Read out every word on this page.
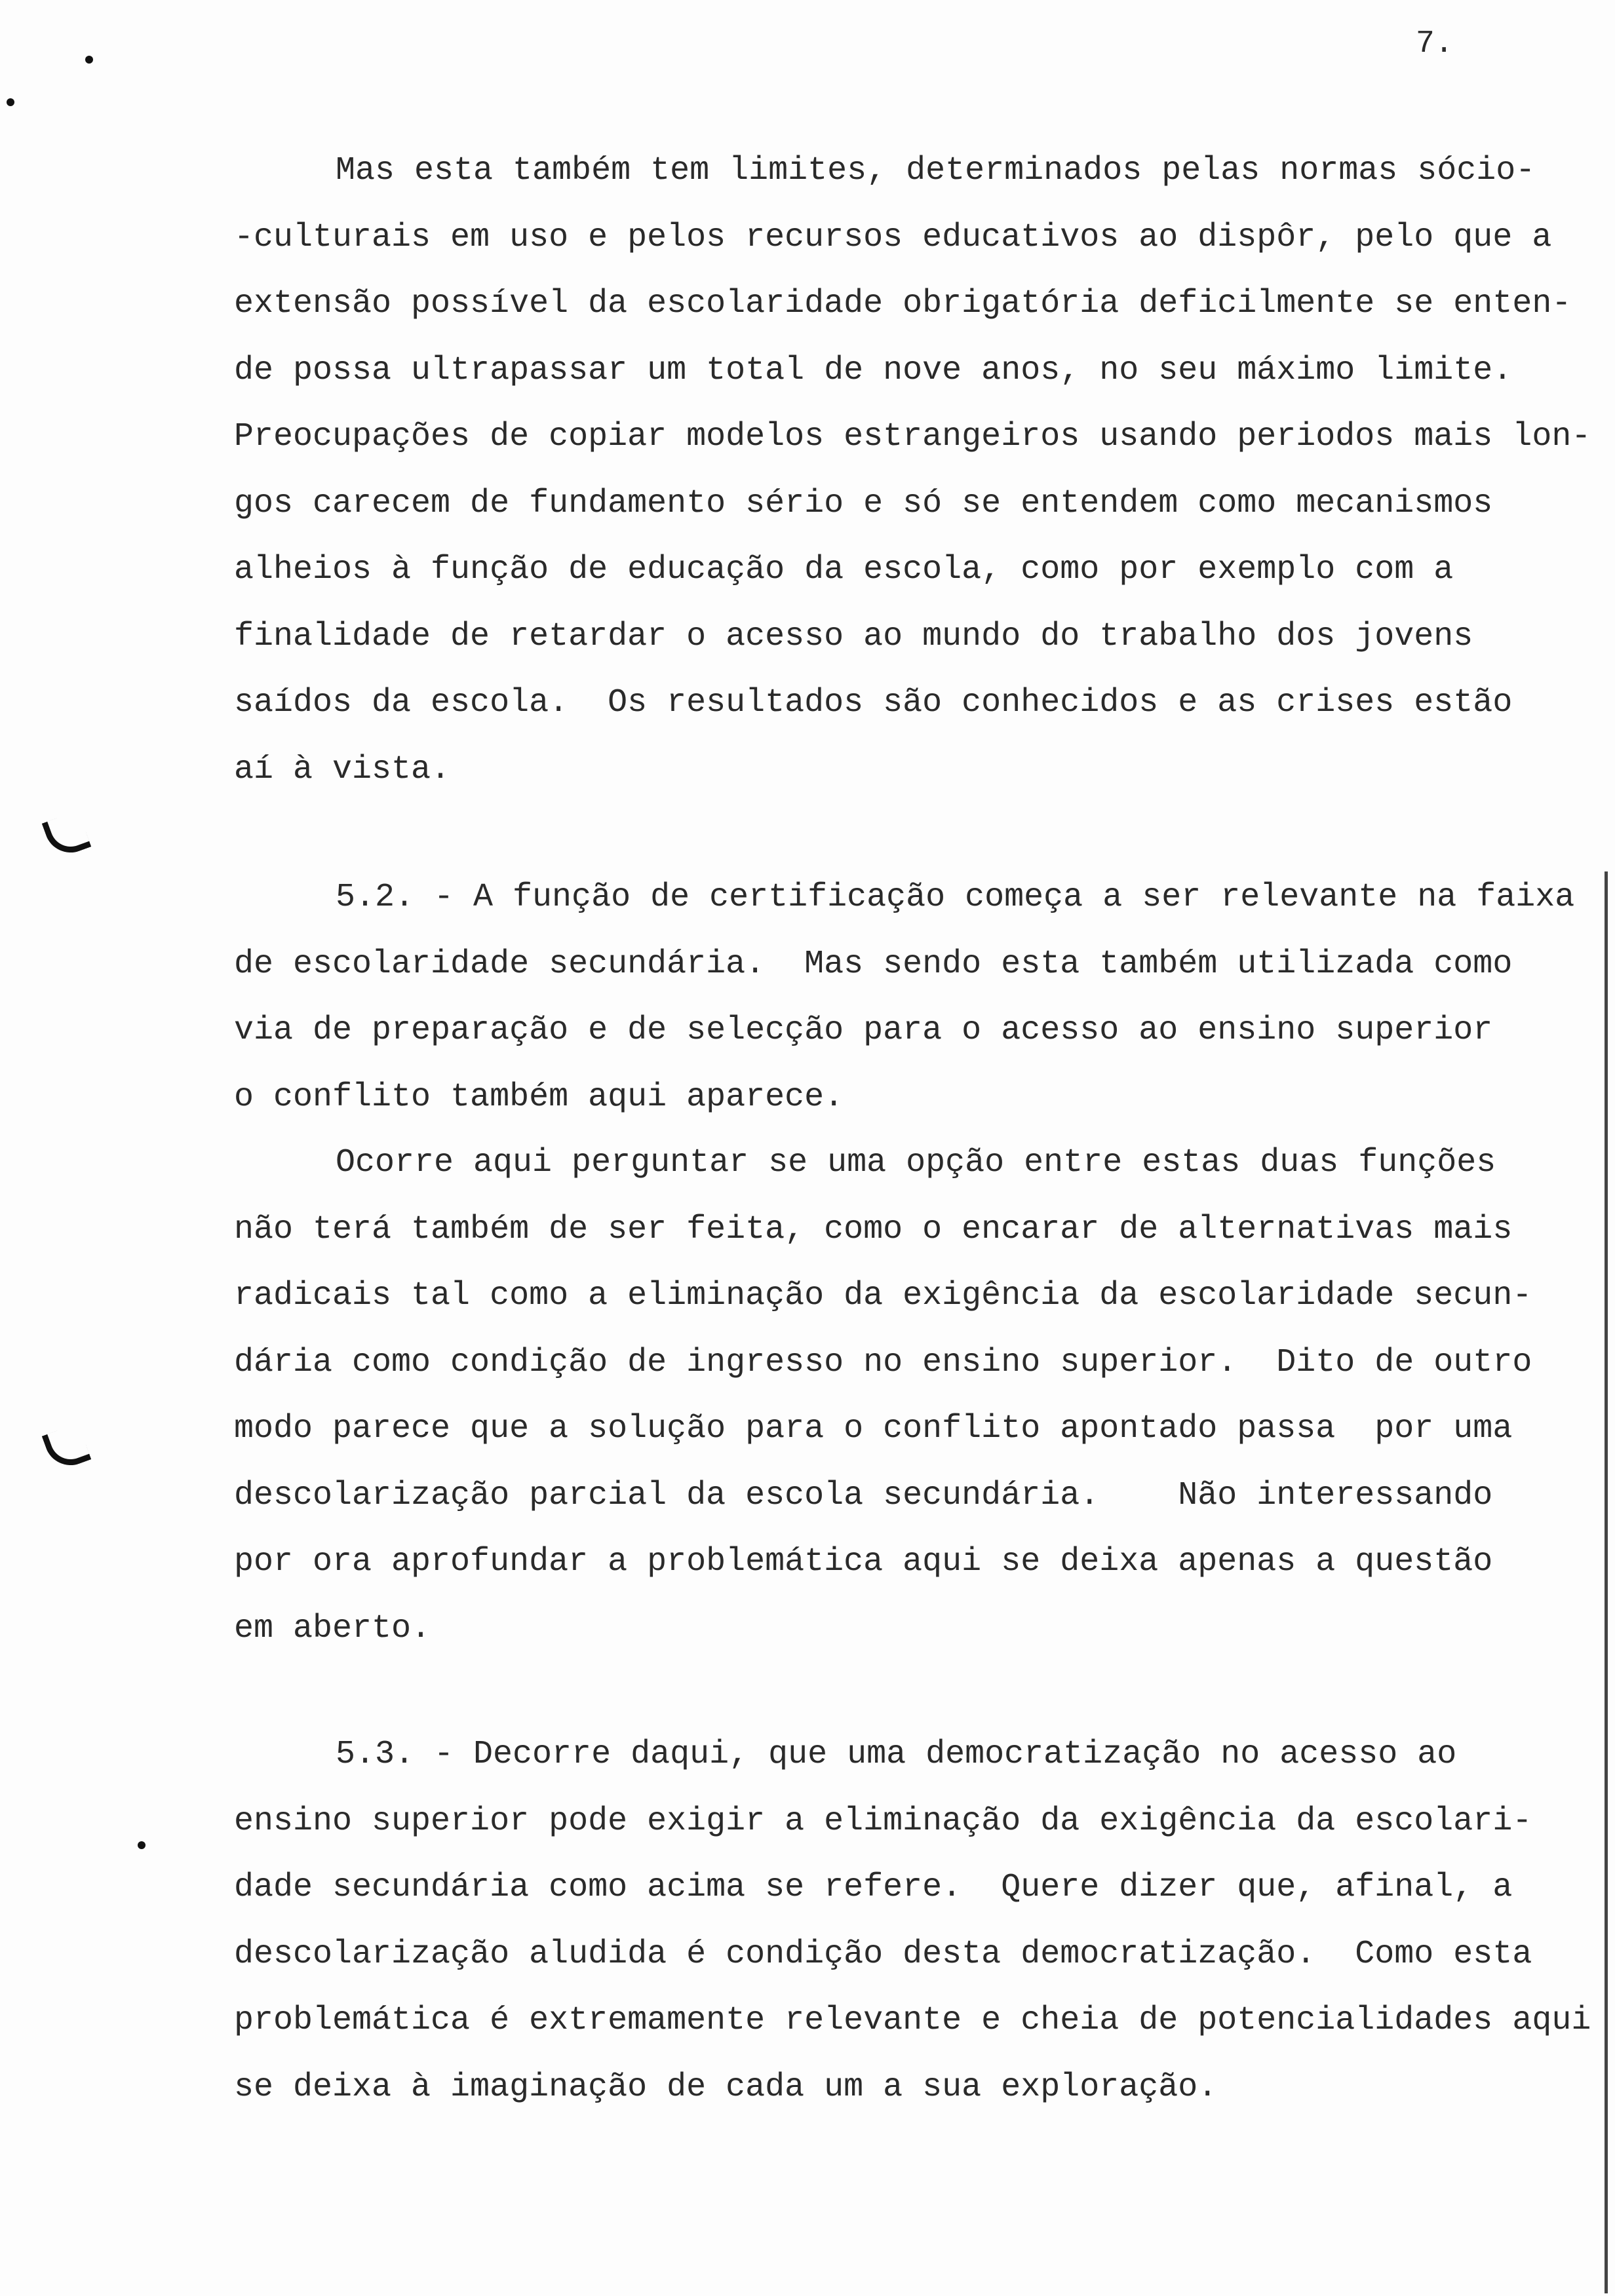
7.
Mas esta também tem limites, determinados pelas normas sócio-
-culturais em uso e pelos recursos educativos ao dispôr, pelo que a
extensão possível da escolaridade obrigatória deficilmente se enten-
de possa ultrapassar um total de nove anos, no seu máximo limite.
Preocupações de copiar modelos estrangeiros usando periodos mais lon-
gos carecem de fundamento sério e só se entendem como mecanismos
alheios à função de educação da escola, como por exemplo com a
finalidade de retardar o acesso ao mundo do trabalho dos jovens
saídos da escola.  Os resultados são conhecidos e as crises estão
aí à vista.
5.2. - A função de certificação começa a ser relevante na faixa
de escolaridade secundária.  Mas sendo esta também utilizada como
via de preparação e de selecção para o acesso ao ensino superior
o conflito também aqui aparece.
Ocorre aqui perguntar se uma opção entre estas duas funções
não terá também de ser feita, como o encarar de alternativas mais
radicais tal como a eliminação da exigência da escolaridade secun-
dária como condição de ingresso no ensino superior.  Dito de outro
modo parece que a solução para o conflito apontado passa  por uma
descolarização parcial da escola secundária.    Não interessando
por ora aprofundar a problemática aqui se deixa apenas a questão
em aberto.
5.3. - Decorre daqui, que uma democratização no acesso ao
ensino superior pode exigir a eliminação da exigência da escolari-
dade secundária como acima se refere.  Quere dizer que, afinal, a
descolarização aludida é condição desta democratização.  Como esta
problemática é extremamente relevante e cheia de potencialidades aqui
se deixa à imaginação de cada um a sua exploração.
